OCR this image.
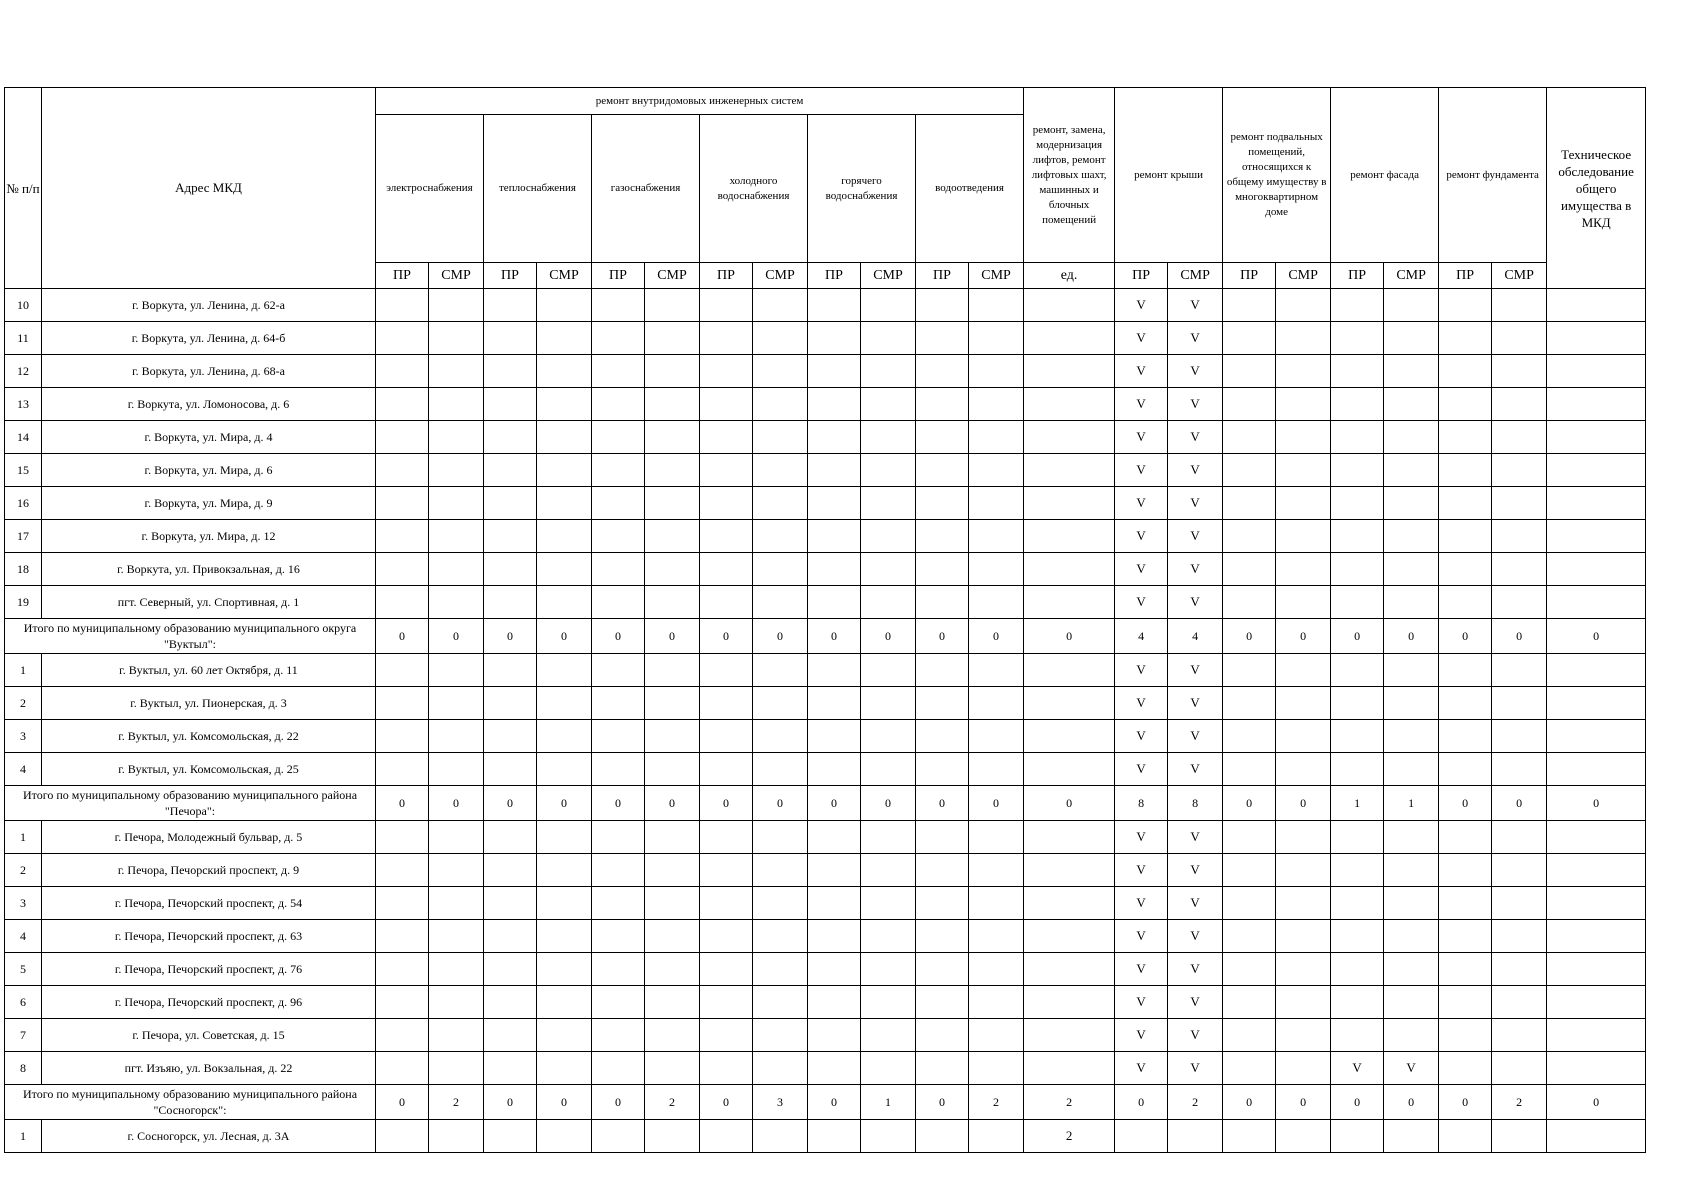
№ п/п	Адрес МКД	ремонт внутридомовых инженерных систем												ремонт, замена, модернизация лифтов, ремонт лифтовых шахт, машинных и блочных помещений	ремонт крыши		ремонт подвальных помещений, относящихся к общему имуществу в многоквартирном доме		ремонт фасада		ремонт фундамента		Техническое обследование общего имущества в МКД
		электроснабжения		теплоснабжения		газоснабжения		холодного водоснабжения		горячего водоснабжения		водоотведения											
		ПР	СМР	ПР	СМР	ПР	СМР	ПР	СМР	ПР	СМР	ПР	СМР	ед.	ПР	СМР	ПР	СМР	ПР	СМР	ПР	СМР	
10	г. Воркута, ул. Ленина, д. 62-а														V	V							
11	г. Воркута, ул. Ленина, д. 64-б														V	V							
12	г. Воркута, ул. Ленина, д. 68-а														V	V							
13	г. Воркута, ул. Ломоносова, д. 6														V	V							
14	г. Воркута, ул. Мира, д. 4														V	V							
15	г. Воркута, ул. Мира, д. 6														V	V							
16	г. Воркута, ул. Мира, д. 9														V	V							
17	г. Воркута, ул. Мира, д. 12														V	V							
18	г. Воркута, ул. Привокзальная, д. 16														V	V							
19	пгт. Северный, ул. Спортивная, д. 1														V	V							
Итого по муниципальному образованию муниципального округа "Вуктыл":		0	0	0	0	0	0	0	0	0	0	0	0	0	4	4	0	0	0	0	0	0	0
1	г. Вуктыл, ул. 60 лет Октября, д. 11														V	V							
2	г. Вуктыл, ул. Пионерская, д. 3														V	V							
3	г. Вуктыл, ул. Комсомольская, д. 22														V	V							
4	г. Вуктыл, ул. Комсомольская, д. 25														V	V							
Итого по муниципальному образованию муниципального района "Печора":		0	0	0	0	0	0	0	0	0	0	0	0	0	8	8	0	0	1	1	0	0	0
1	г. Печора, Молодежный бульвар, д. 5														V	V							
2	г. Печора, Печорский проспект, д. 9														V	V							
3	г. Печора, Печорский проспект, д. 54														V	V							
4	г. Печора, Печорский проспект, д. 63														V	V							
5	г. Печора, Печорский проспект, д. 76														V	V							
6	г. Печора, Печорский проспект, д. 96														V	V							
7	г. Печора, ул. Советская, д. 15														V	V							
8	пгт. Изъяю, ул. Вокзальная, д. 22														V	V			V	V			
Итого по муниципальному образованию муниципального района "Сосногорск":		0	2	0	0	0	2	0	3	0	1	0	2	2	0	2	0	0	0	0	0	2	0
1	г. Сосногорск, ул. Лесная, д. 3А													2									
